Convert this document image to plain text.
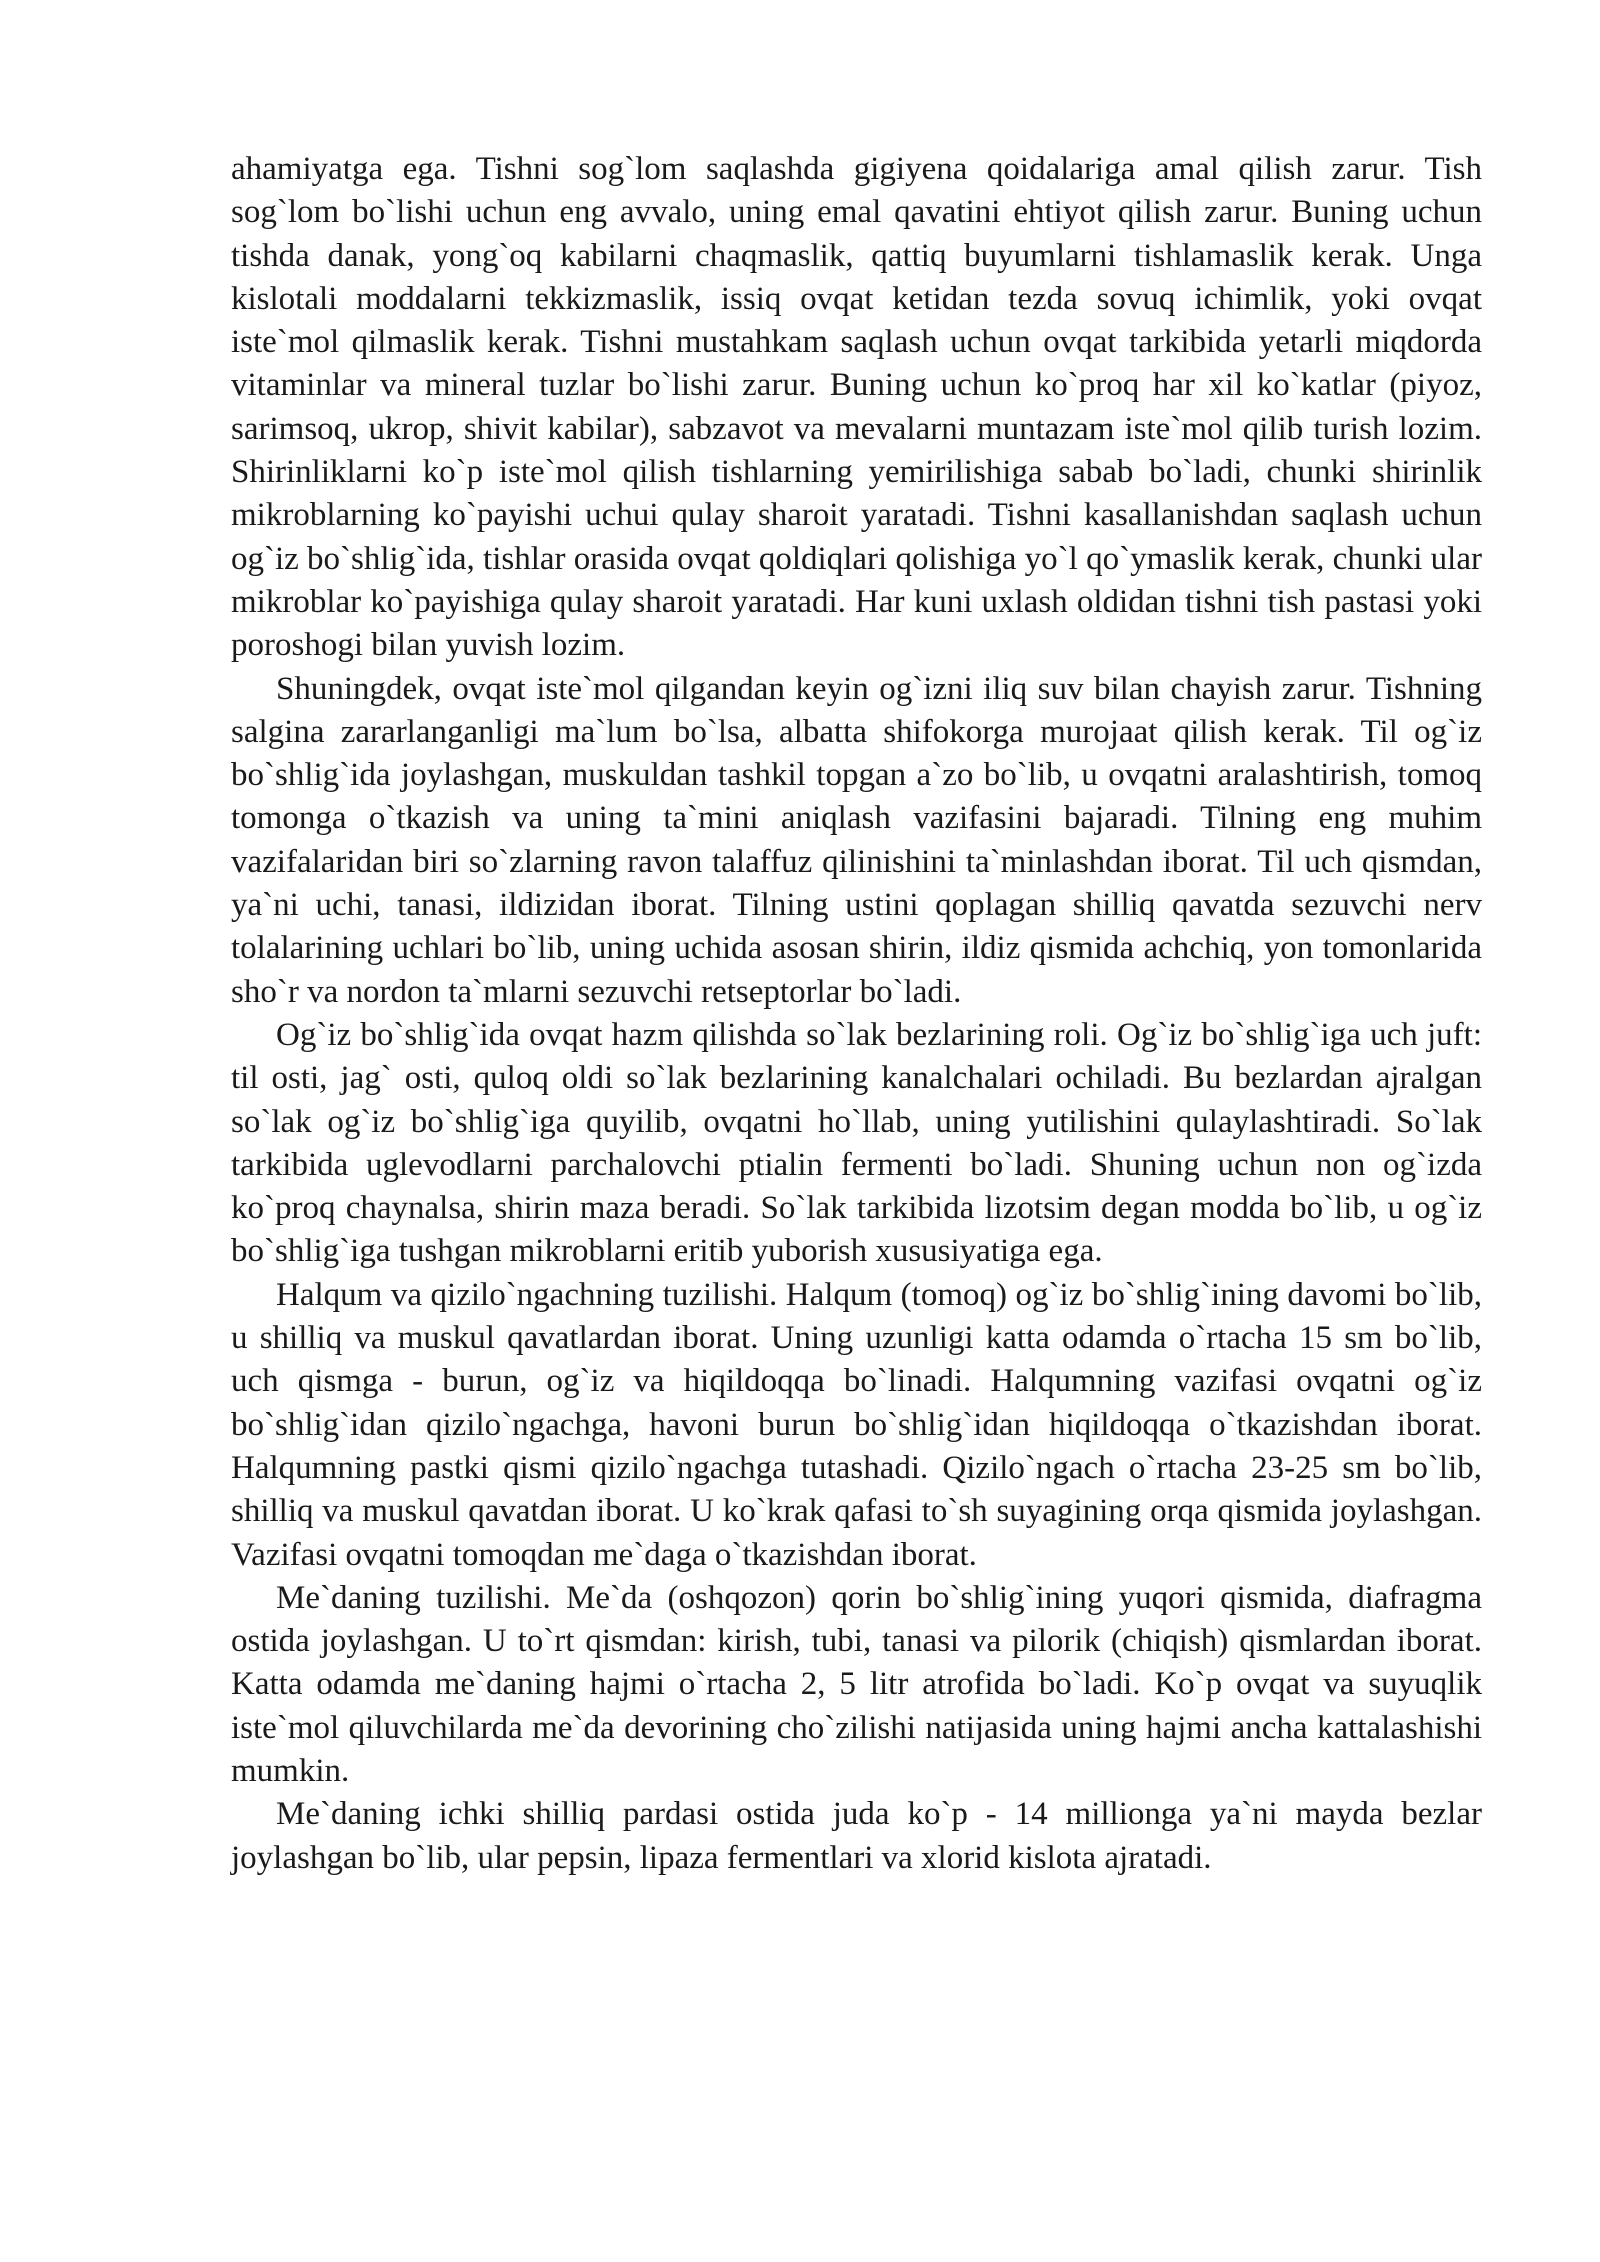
ahamiyatga ega. Tishni sog`lom saqlashda gigiyena qoidalariga amal qilish zarur. Tish sog`lom bo`lishi uchun eng avvalo, uning emal qavatini ehtiyot qilish zarur. Buning uchun tishda danak, yong`oq kabilarni chaqmaslik, qattiq buyumlarni tishlamaslik kerak. Unga kislotali moddalarni tekkizmaslik, issiq ovqat ketidan tezda sovuq ichimlik, yoki ovqat iste`mol qilmaslik kerak. Tishni mustahkam saqlash uchun ovqat tarkibida yetarli miqdorda vitaminlar va mineral tuzlar bo`lishi zarur. Buning uchun ko`proq har xil ko`katlar (piyoz, sarimsoq, ukrop, shivit kabilar), sabzavot va mevalarni muntazam iste`mol qilib turish lozim. Shirinliklarni ko`p iste`mol qilish tishlarning yemirilishiga sabab bo`ladi, chunki shirinlik mikroblarning ko`payishi uchui qulay sharoit yaratadi. Tishni kasallanishdan saqlash uchun og`iz bo`shlig`ida, tishlar orasida ovqat qoldiqlari qolishiga yo`l qo`ymaslik kerak, chunki ular mikroblar ko`payishiga qulay sharoit yaratadi. Har kuni uxlash oldidan tishni tish pastasi yoki poroshogi bilan yuvish lozim.

Shuningdek, ovqat iste`mol qilgandan keyin og`izni iliq suv bilan chayish zarur. Tishning salgina zararlanganligi ma`lum bo`lsa, albatta shifokorga murojaat qilish kerak. Til og`iz bo`shlig`ida joylashgan, muskuldan tashkil topgan a`zo bo`lib, u ovqatni aralashtirish, tomoq tomonga o`tkazish va uning ta`mini aniqlash vazifasini bajaradi. Tilning eng muhim vazifalaridan biri so`zlarning ravon talaffuz qilinishini ta`minlashdan iborat. Til uch qismdan, ya`ni uchi, tanasi, ildizidan iborat. Tilning ustini qoplagan shilliq qavatda sezuvchi nerv tolalarining uchlari bo`lib, uning uchida asosan shirin, ildiz qismida achchiq, yon tomonlarida sho`r va nordon ta`mlarni sezuvchi retseptorlar bo`ladi.

Og`iz bo`shlig`ida ovqat hazm qilishda so`lak bezlarining roli. Og`iz bo`shlig`iga uch juft: til osti, jag` osti, quloq oldi so`lak bezlarining kanalchalari ochiladi. Bu bezlardan ajralgan so`lak og`iz bo`shlig`iga quyilib, ovqatni ho`llab, uning yutilishini qulaylashtiradi. So`lak tarkibida uglevodlarni parchalovchi ptialin fermenti bo`ladi. Shuning uchun non og`izda ko`proq chaynalsa, shirin maza beradi. So`lak tarkibida lizotsim degan modda bo`lib, u og`iz bo`shlig`iga tushgan mikroblarni eritib yuborish xususiyatiga ega.

Halqum va qizilo`ngachning tuzilishi. Halqum (tomoq) og`iz bo`shlig`ining davomi bo`lib, u shilliq va muskul qavatlardan iborat. Uning uzunligi katta odamda o`rtacha 15 sm bo`lib, uch qismga - burun, og`iz va hiqildoqqa bo`linadi. Halqumning vazifasi ovqatni og`iz bo`shlig`idan qizilo`ngachga, havoni burun bo`shlig`idan hiqildoqqa o`tkazishdan iborat. Halqumning pastki qismi qizilo`ngachga tutashadi. Qizilo`ngach o`rtacha 23-25 sm bo`lib, shilliq va muskul qavatdan iborat. U ko`krak qafasi to`sh suyagining orqa qismida joylashgan. Vazifasi ovqatni tomoqdan me`daga o`tkazishdan iborat.

Me`daning tuzilishi. Me`da (oshqozon) qorin bo`shlig`ining yuqori qismida, diafragma ostida joylashgan. U to`rt qismdan: kirish, tubi, tanasi va pilorik (chiqish) qismlardan iborat. Katta odamda me`daning hajmi o`rtacha 2, 5 litr atrofida bo`ladi. Ko`p ovqat va suyuqlik iste`mol qiluvchilarda me`da devorining cho`zilishi natijasida uning hajmi ancha kattalashishi mumkin.

Me`daning ichki shilliq pardasi ostida juda ko`p - 14 millionga ya`ni mayda bezlar joylashgan bo`lib, ular pepsin, lipaza fermentlari va xlorid kislota ajratadi.
